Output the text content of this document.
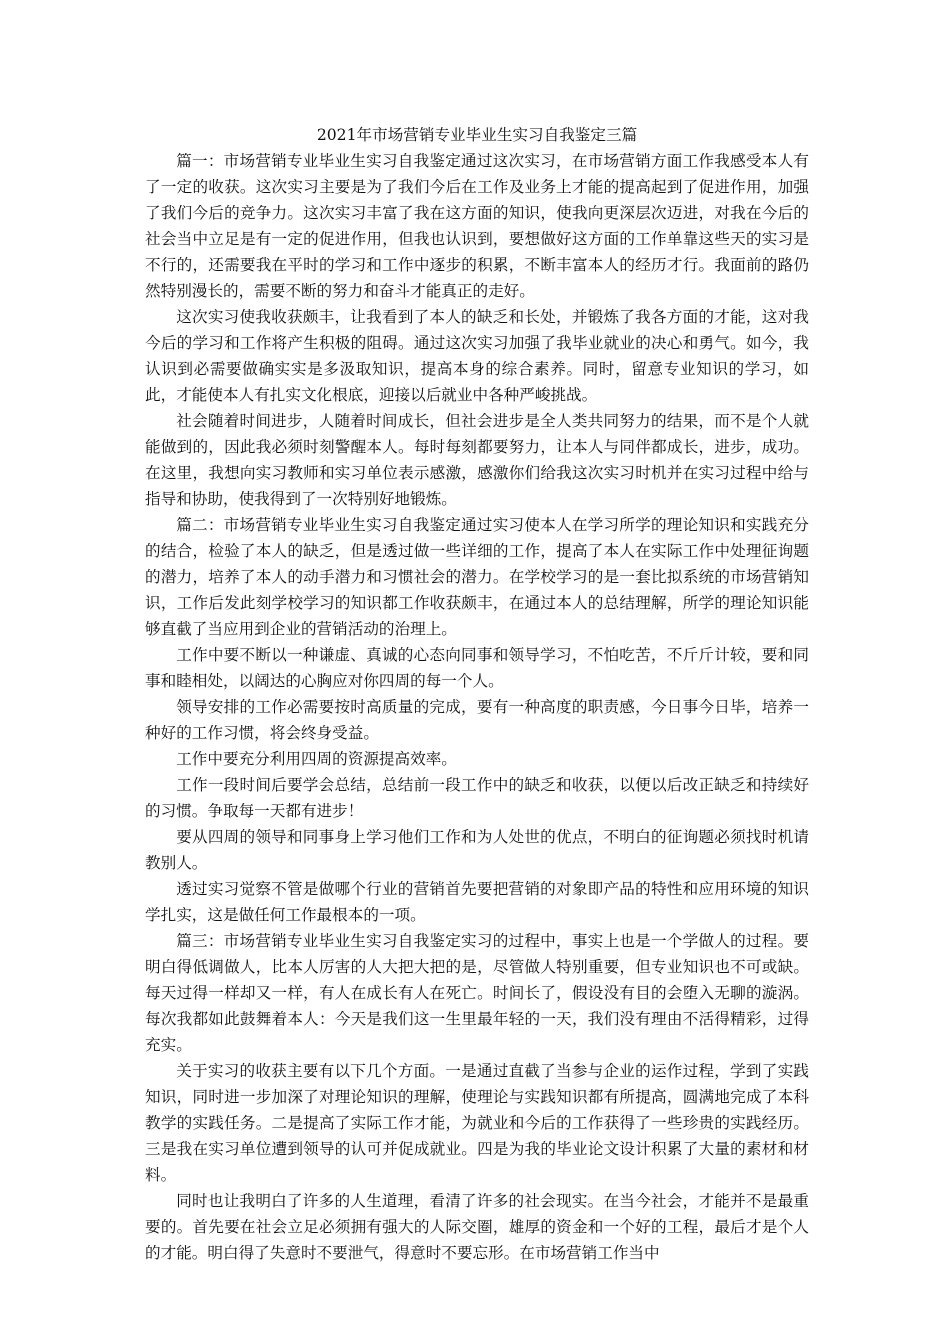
2021年市场营销专业毕业生实习自我鉴定三篇

篇一：市场营销专业毕业生实习自我鉴定通过这次实习，在市场营销方面工作我感受本人有了一定的收获。这次实习主要是为了我们今后在工作及业务上才能的提高起到了促进作用，加强了我们今后的竞争力。这次实习丰富了我在这方面的知识，使我向更深层次迈进，对我在今后的社会当中立足是有一定的促进作用，但我也认识到，要想做好这方面的工作单靠这些天的实习是不行的，还需要我在平时的学习和工作中逐步的积累，不断丰富本人的经历才行。我面前的路仍然特别漫长的，需要不断的努力和奋斗才能真正的走好。

这次实习使我收获颇丰，让我看到了本人的缺乏和长处，并锻炼了我各方面的才能，这对我今后的学习和工作将产生积极的阻碍。通过这次实习加强了我毕业就业的决心和勇气。如今，我认识到必需要做确实实是多汲取知识，提高本身的综合素养。同时，留意专业知识的学习，如此，才能使本人有扎实文化根底，迎接以后就业中各种严峻挑战。

社会随着时间进步，人随着时间成长，但社会进步是全人类共同努力的结果，而不是个人就能做到的，因此我必须时刻警醒本人。每时每刻都要努力，让本人与同伴都成长，进步，成功。在这里，我想向实习教师和实习单位表示感激，感激你们给我这次实习时机并在实习过程中给与指导和协助，使我得到了一次特别好地锻炼。

篇二：市场营销专业毕业生实习自我鉴定通过实习使本人在学习所学的理论知识和实践充分的结合，检验了本人的缺乏，但是透过做一些详细的工作，提高了本人在实际工作中处理征询题的潜力，培养了本人的动手潜力和习惯社会的潜力。在学校学习的是一套比拟系统的市场营销知识，工作后发此刻学校学习的知识都工作收获颇丰，在通过本人的总结理解，所学的理论知识能够直截了当应用到企业的营销活动的治理上。

工作中要不断以一种谦虚、真诚的心态向同事和领导学习，不怕吃苦，不斤斤计较，要和同事和睦相处，以阔达的心胸应对你四周的每一个人。

领导安排的工作必需要按时高质量的完成，要有一种高度的职责感，今日事今日毕，培养一种好的工作习惯，将会终身受益。

工作中要充分利用四周的资源提高效率。

工作一段时间后要学会总结，总结前一段工作中的缺乏和收获，以便以后改正缺乏和持续好的习惯。争取每一天都有进步！

要从四周的领导和同事身上学习他们工作和为人处世的优点，不明白的征询题必须找时机请教别人。

透过实习觉察不管是做哪个行业的营销首先要把营销的对象即产品的特性和应用环境的知识学扎实，这是做任何工作最根本的一项。

篇三：市场营销专业毕业生实习自我鉴定实习的过程中，事实上也是一个学做人的过程。要明白得低调做人，比本人厉害的人大把大把的是，尽管做人特别重要，但专业知识也不可或缺。每天过得一样却又一样，有人在成长有人在死亡。时间长了，假设没有目的会堕入无聊的漩涡。每次我都如此鼓舞着本人：今天是我们这一生里最年轻的一天，我们没有理由不活得精彩，过得充实。

关于实习的收获主要有以下几个方面。一是通过直截了当参与企业的运作过程，学到了实践知识，同时进一步加深了对理论知识的理解，使理论与实践知识都有所提高，圆满地完成了本科教学的实践任务。二是提高了实际工作才能，为就业和今后的工作获得了一些珍贵的实践经历。三是我在实习单位遭到领导的认可并促成就业。四是为我的毕业论文设计积累了大量的素材和材料。

同时也让我明白了许多的人生道理，看清了许多的社会现实。在当今社会，才能并不是最重要的。首先要在社会立足必须拥有强大的人际交圈，雄厚的资金和一个好的工程，最后才是个人的才能。明白得了失意时不要泄气，得意时不要忘形。在市场营销工作当中
